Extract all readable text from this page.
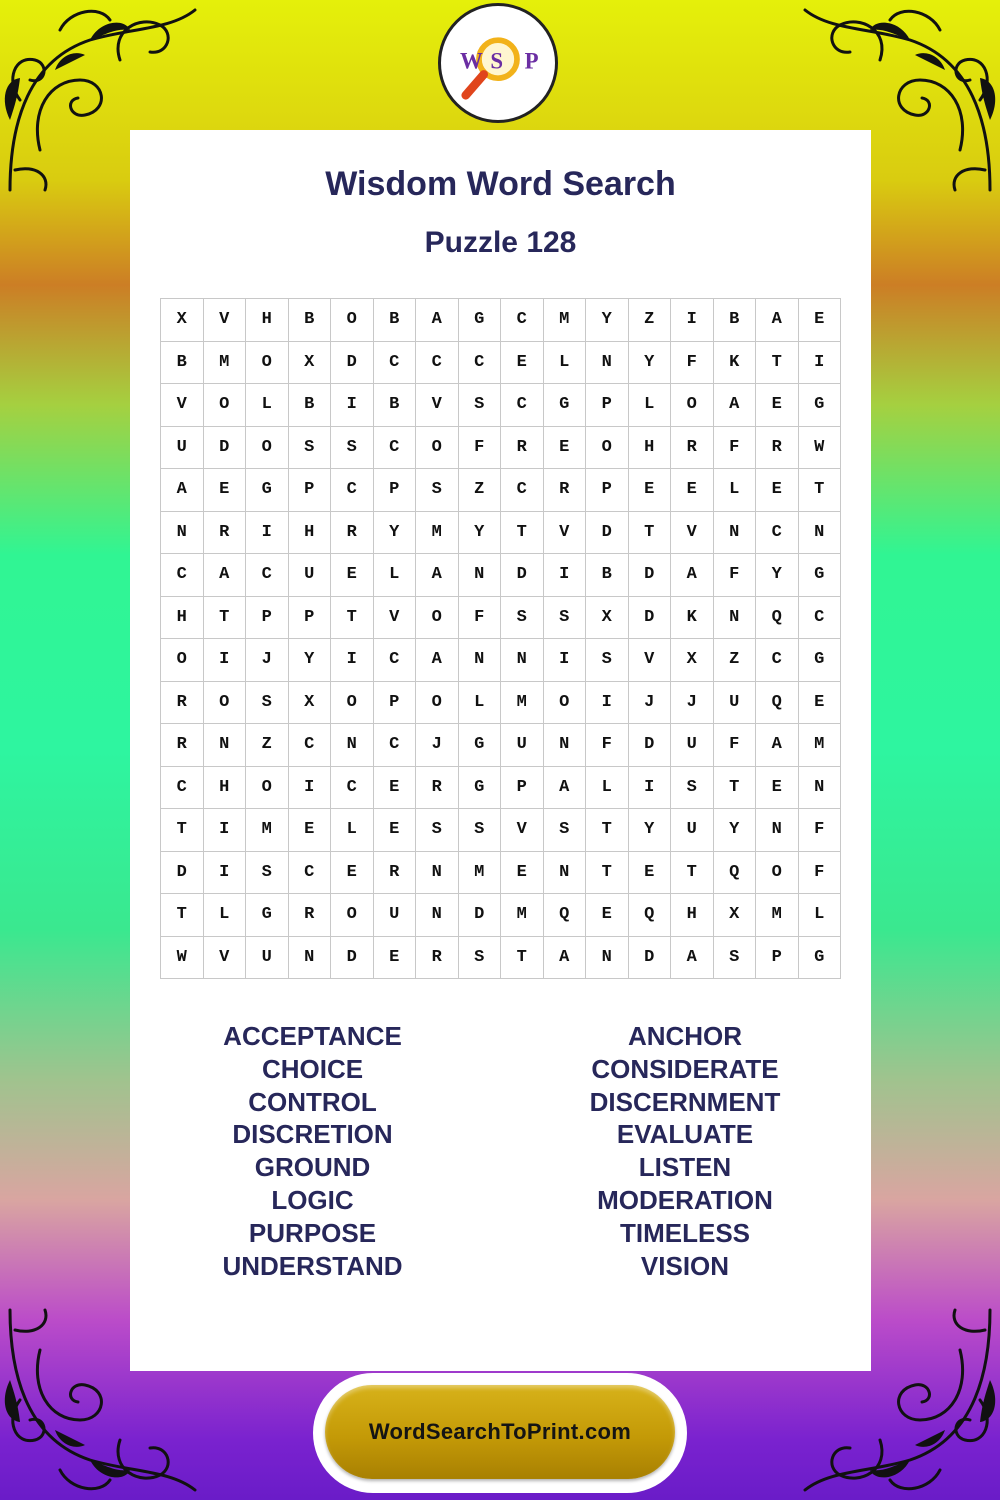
W S P
Wisdom Word Search
Puzzle 128
X	V	H	B	O	B	A	G	C	M	Y	Z	I	B	A	E
B	M	O	X	D	C	C	C	E	L	N	Y	F	K	T	I
V	O	L	B	I	B	V	S	C	G	P	L	O	A	E	G
U	D	O	S	S	C	O	F	R	E	O	H	R	F	R	W
A	E	G	P	C	P	S	Z	C	R	P	E	E	L	E	T
N	R	I	H	R	Y	M	Y	T	V	D	T	V	N	C	N
C	A	C	U	E	L	A	N	D	I	B	D	A	F	Y	G
H	T	P	P	T	V	O	F	S	S	X	D	K	N	Q	C
O	I	J	Y	I	C	A	N	N	I	S	V	X	Z	C	G
R	O	S	X	O	P	O	L	M	O	I	J	J	U	Q	E
R	N	Z	C	N	C	J	G	U	N	F	D	U	F	A	M
C	H	O	I	C	E	R	G	P	A	L	I	S	T	E	N
T	I	M	E	L	E	S	S	V	S	T	Y	U	Y	N	F
D	I	S	C	E	R	N	M	E	N	T	E	T	Q	O	F
T	L	G	R	O	U	N	D	M	Q	E	Q	H	X	M	L
W	V	U	N	D	E	R	S	T	A	N	D	A	S	P	G
ACCEPTANCE
CHOICE
CONTROL
DISCRETION
GROUND
LOGIC
PURPOSE
UNDERSTAND
ANCHOR
CONSIDERATE
DISCERNMENT
EVALUATE
LISTEN
MODERATION
TIMELESS
VISION
WordSearchToPrint.com
